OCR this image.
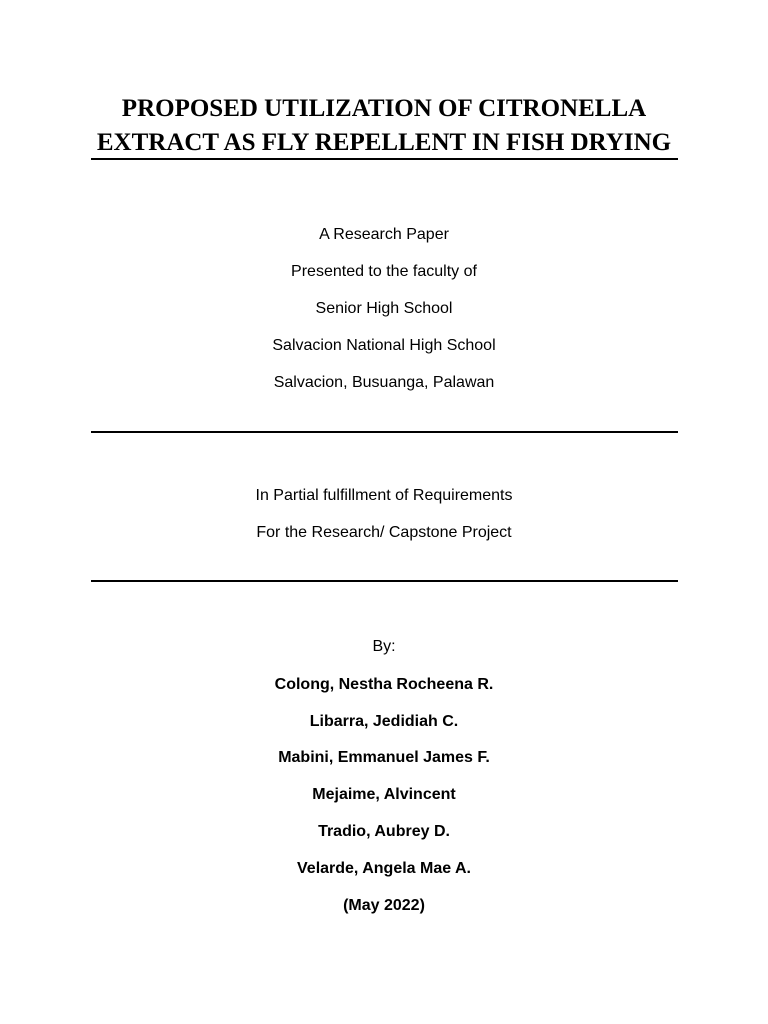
PROPOSED UTILIZATION OF CITRONELLA
EXTRACT AS FLY REPELLENT IN FISH DRYING
A Research Paper
Presented to the faculty of
Senior High School
Salvacion National High School
Salvacion, Busuanga, Palawan
In Partial fulfillment of Requirements
For the Research/ Capstone Project
By:
Colong, Nestha Rocheena R.
Libarra, Jedidiah C.
Mabini, Emmanuel James F.
Mejaime, Alvincent
Tradio, Aubrey D.
Velarde, Angela Mae A.
(May 2022)
